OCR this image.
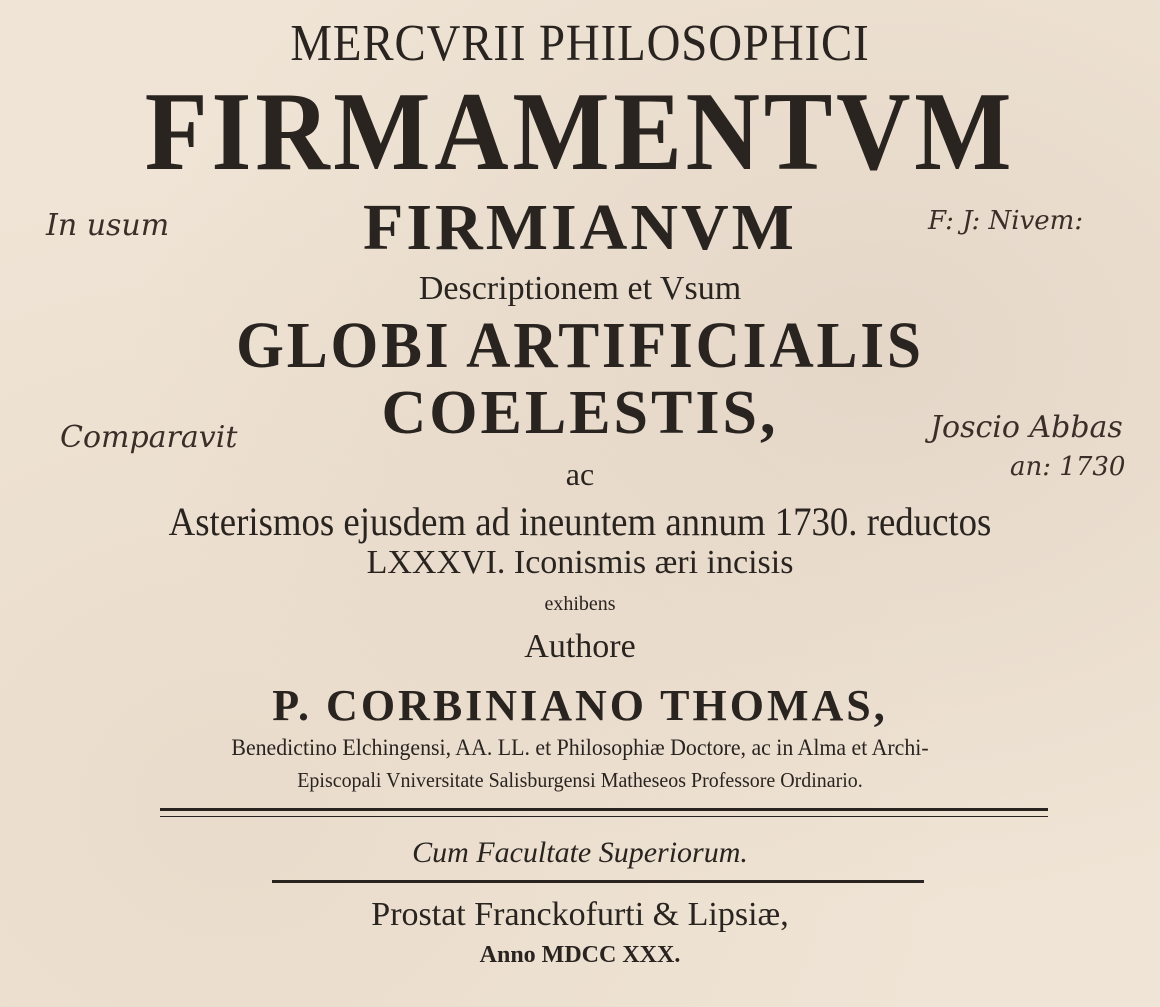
MERCVRII PHILOSOPHICI
FIRMAMENTVM
FIRMIANVM
Descriptionem et Vsum
GLOBI ARTIFICIALIS
COELESTIS,
ac
Asterismos ejusdem ad ineuntem annum 1730. reductos
LXXXVI. Iconismis æri incisis
exhibens
Authore
P. CORBINIANO THOMAS,
Benedictino Elchingensi, AA. LL. et Philosophiæ Doctore, ac in Alma et Archi-
Episcopali Vniversitate Salisburgensi Matheseos Professore Ordinario.
Cum Facultate Superiorum.
Prostat Franckofurti & Lipsiæ,
Anno MDCC XXX.
In usum	F: J: Nivem:
Comparavit	Joscio Abbas
an: 1730
